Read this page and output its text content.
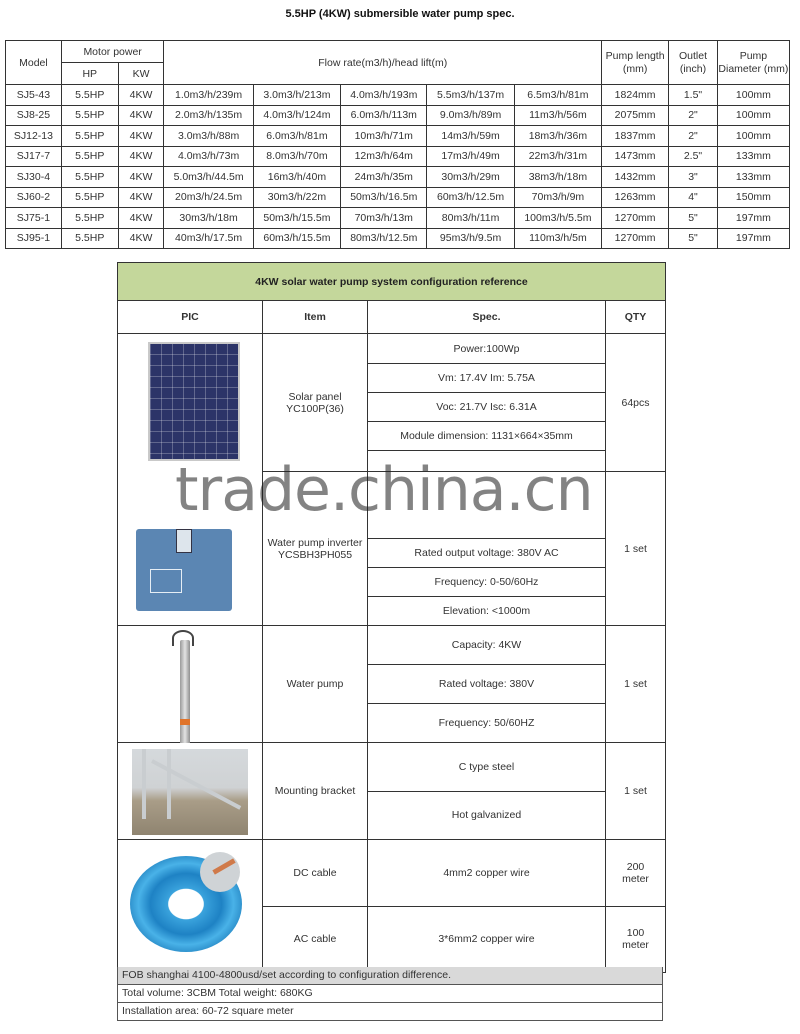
5.5HP (4KW) submersible water pump spec.
Model	Motor power		Flow rate(m3/h)/head lift(m)					Pump length (mm)	Outlet (inch)	Pump Diameter (mm)
	HP	KW								
SJ5-43	5.5HP	4KW	1.0m3/h/239m	3.0m3/h/213m	4.0m3/h/193m	5.5m3/h/137m	6.5m3/h/81m	1824mm	1.5"	100mm
SJ8-25	5.5HP	4KW	2.0m3/h/135m	4.0m3/h/124m	6.0m3/h/113m	9.0m3/h/89m	11m3/h/56m	2075mm	2"	100mm
SJ12-13	5.5HP	4KW	3.0m3/h/88m	6.0m3/h/81m	10m3/h/71m	14m3/h/59m	18m3/h/36m	1837mm	2"	100mm
SJ17-7	5.5HP	4KW	4.0m3/h/73m	8.0m3/h/70m	12m3/h/64m	17m3/h/49m	22m3/h/31m	1473mm	2.5"	133mm
SJ30-4	5.5HP	4KW	5.0m3/h/44.5m	16m3/h/40m	24m3/h/35m	30m3/h/29m	38m3/h/18m	1432mm	3"	133mm
SJ60-2	5.5HP	4KW	20m3/h/24.5m	30m3/h/22m	50m3/h/16.5m	60m3/h/12.5m	70m3/h/9m	1263mm	4"	150mm
SJ75-1	5.5HP	4KW	30m3/h/18m	50m3/h/15.5m	70m3/h/13m	80m3/h/11m	100m3/h/5.5m	1270mm	5"	197mm
SJ95-1	5.5HP	4KW	40m3/h/17.5m	60m3/h/15.5m	80m3/h/12.5m	95m3/h/9.5m	110m3/h/5m	1270mm	5"	197mm
4KW solar water pump system configuration reference			
PIC	Item	Spec.	QTY

	Solar panel YC100P(36)	Power:100Wp	64pcs
		Vm: 17.4V Im: 5.75A	
		Voc: 21.7V Isc: 6.31A	
		Module dimension: 1131×664×35mm	

	Water pump inverter YCSBH3PH055		1 set
		Rated output voltage: 380V AC	
		Frequency: 0-50/60Hz	
		Elevation: <1000m	

	Water pump	Capacity: 4KW	1 set
		Rated voltage: 380V	
		Frequency: 50/60HZ	

	Mounting bracket	C type steel	1 set
		Hot galvanized	

	DC cable	4mm2 copper wire	200 meter
	AC cable	3*6mm2 copper wire	100 meter
FOB shanghai 4100-4800usd/set according to configuration difference.
Total volume: 3CBM Total weight: 680KG
Installation area: 60-72 square meter
trade.china.cn
